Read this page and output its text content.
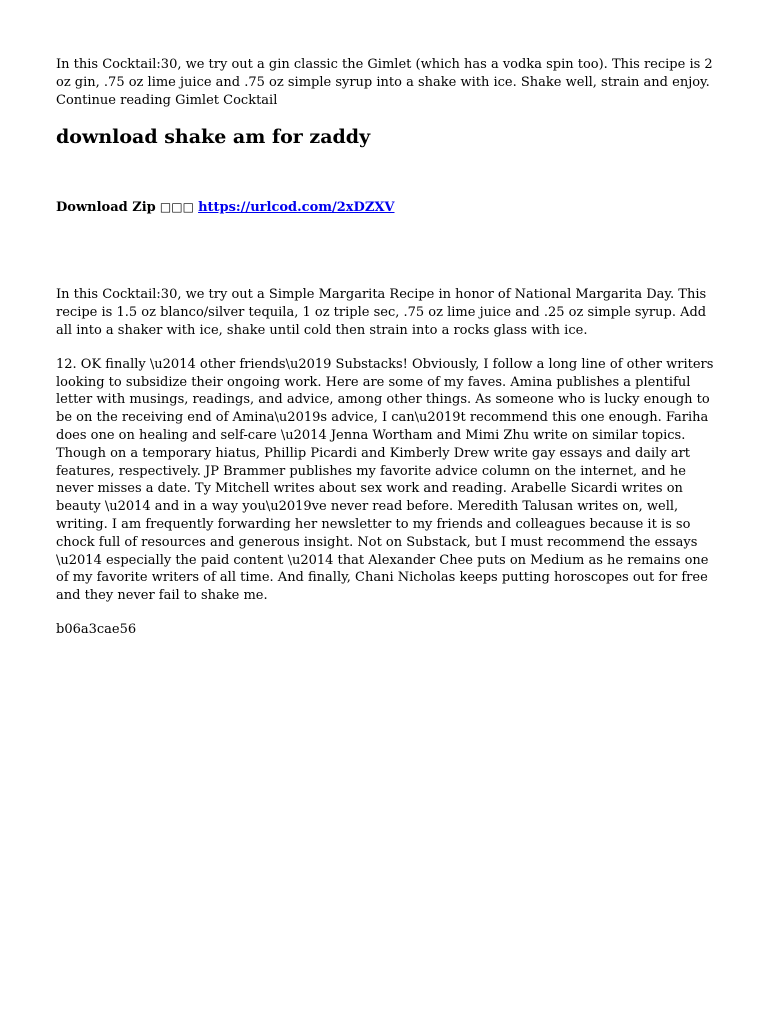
In this Cocktail:30, we try out a gin classic the Gimlet (which has a vodka spin too). This recipe is 2 oz gin, .75 oz lime juice and .75 oz simple syrup into a shake with ice. Shake well, strain and enjoy. Continue reading Gimlet Cocktail

download shake am for zaddy
Download Zip □□□ https://urlcod.com/2xDZXV

In this Cocktail:30, we try out a Simple Margarita Recipe in honor of National Margarita Day. This recipe is 1.5 oz blanco/silver tequila, 1 oz triple sec, .75 oz lime juice and .25 oz simple syrup. Add all into a shaker with ice, shake until cold then strain into a rocks glass with ice.

12. OK finally \u2014 other friends\u2019 Substacks! Obviously, I follow a long line of other writers looking to subsidize their ongoing work. Here are some of my faves. Amina publishes a plentiful letter with musings, readings, and advice, among other things. As someone who is lucky enough to be on the receiving end of Amina\u2019s advice, I can\u2019t recommend this one enough. Fariha does one on healing and self-care \u2014 Jenna Wortham and Mimi Zhu write on similar topics. Though on a temporary hiatus, Phillip Picardi and Kimberly Drew write gay essays and daily art features, respectively. JP Brammer publishes my favorite advice column on the internet, and he never misses a date. Ty Mitchell writes about sex work and reading. Arabelle Sicardi writes on beauty \u2014 and in a way you\u2019ve never read before. Meredith Talusan writes on, well, writing. I am frequently forwarding her newsletter to my friends and colleagues because it is so chock full of resources and generous insight. Not on Substack, but I must recommend the essays \u2014 especially the paid content \u2014 that Alexander Chee puts on Medium as he remains one of my favorite writers of all time. And finally, Chani Nicholas keeps putting horoscopes out for free and they never fail to shake me.

b06a3cae56
